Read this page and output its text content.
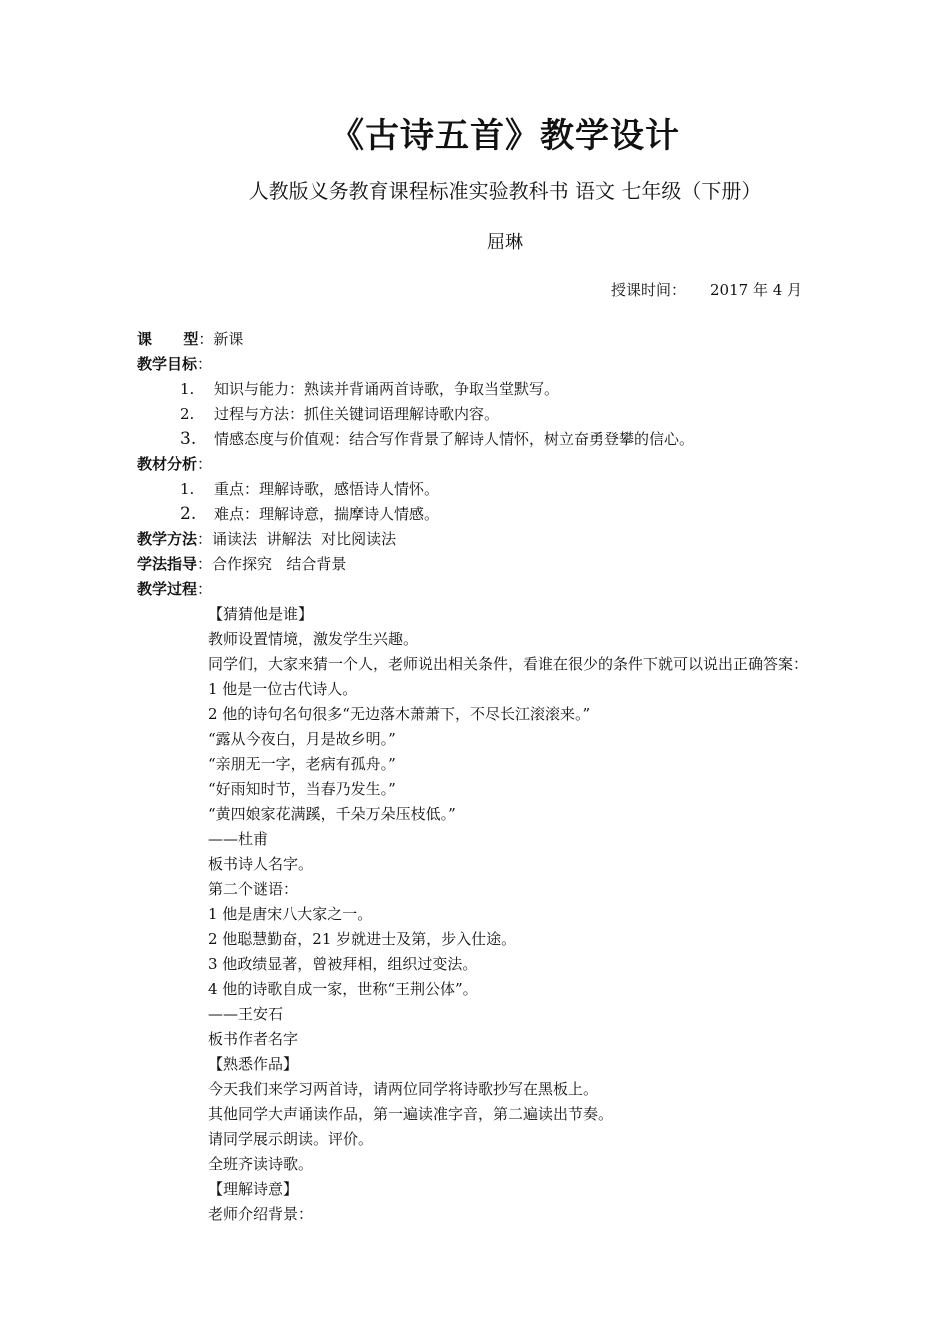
《古诗五首》教学设计
人教版义务教育课程标准实验教科书 语文 七年级（下册）
屈琳
授课时间： 2017 年 4 月
课      型：新课
教学目标：
1. 知识与能力：熟读并背诵两首诗歌，争取当堂默写。
2. 过程与方法：抓住关键词语理解诗歌内容。
3. 情感态度与价值观：结合写作背景了解诗人情怀，树立奋勇登攀的信心。
教材分析：
1. 重点：理解诗歌，感悟诗人情怀。
2. 难点：理解诗意，揣摩诗人情感。
教学方法：诵读法  讲解法  对比阅读法
学法指导：合作探究   结合背景
教学过程：
【猜猜他是谁】
教师设置情境，激发学生兴趣。
同学们，大家来猜一个人，老师说出相关条件，看谁在很少的条件下就可以说出正确答案：
1 他是一位古代诗人。
2 他的诗句名句很多“无边落木萧萧下，不尽长江滚滚来。”
“露从今夜白，月是故乡明。”
“亲朋无一字，老病有孤舟。”
“好雨知时节，当春乃发生。”
“黄四娘家花满蹊，千朵万朵压枝低。”
——杜甫
板书诗人名字。
第二个谜语：
1 他是唐宋八大家之一。
2 他聪慧勤奋，21 岁就进士及第，步入仕途。
3 他政绩显著，曾被拜相，组织过变法。
4 他的诗歌自成一家，世称“王荆公体”。
——王安石
板书作者名字
【熟悉作品】
今天我们来学习两首诗，请两位同学将诗歌抄写在黑板上。
其他同学大声诵读作品，第一遍读准字音，第二遍读出节奏。
请同学展示朗读。评价。
全班齐读诗歌。
【理解诗意】
老师介绍背景：
